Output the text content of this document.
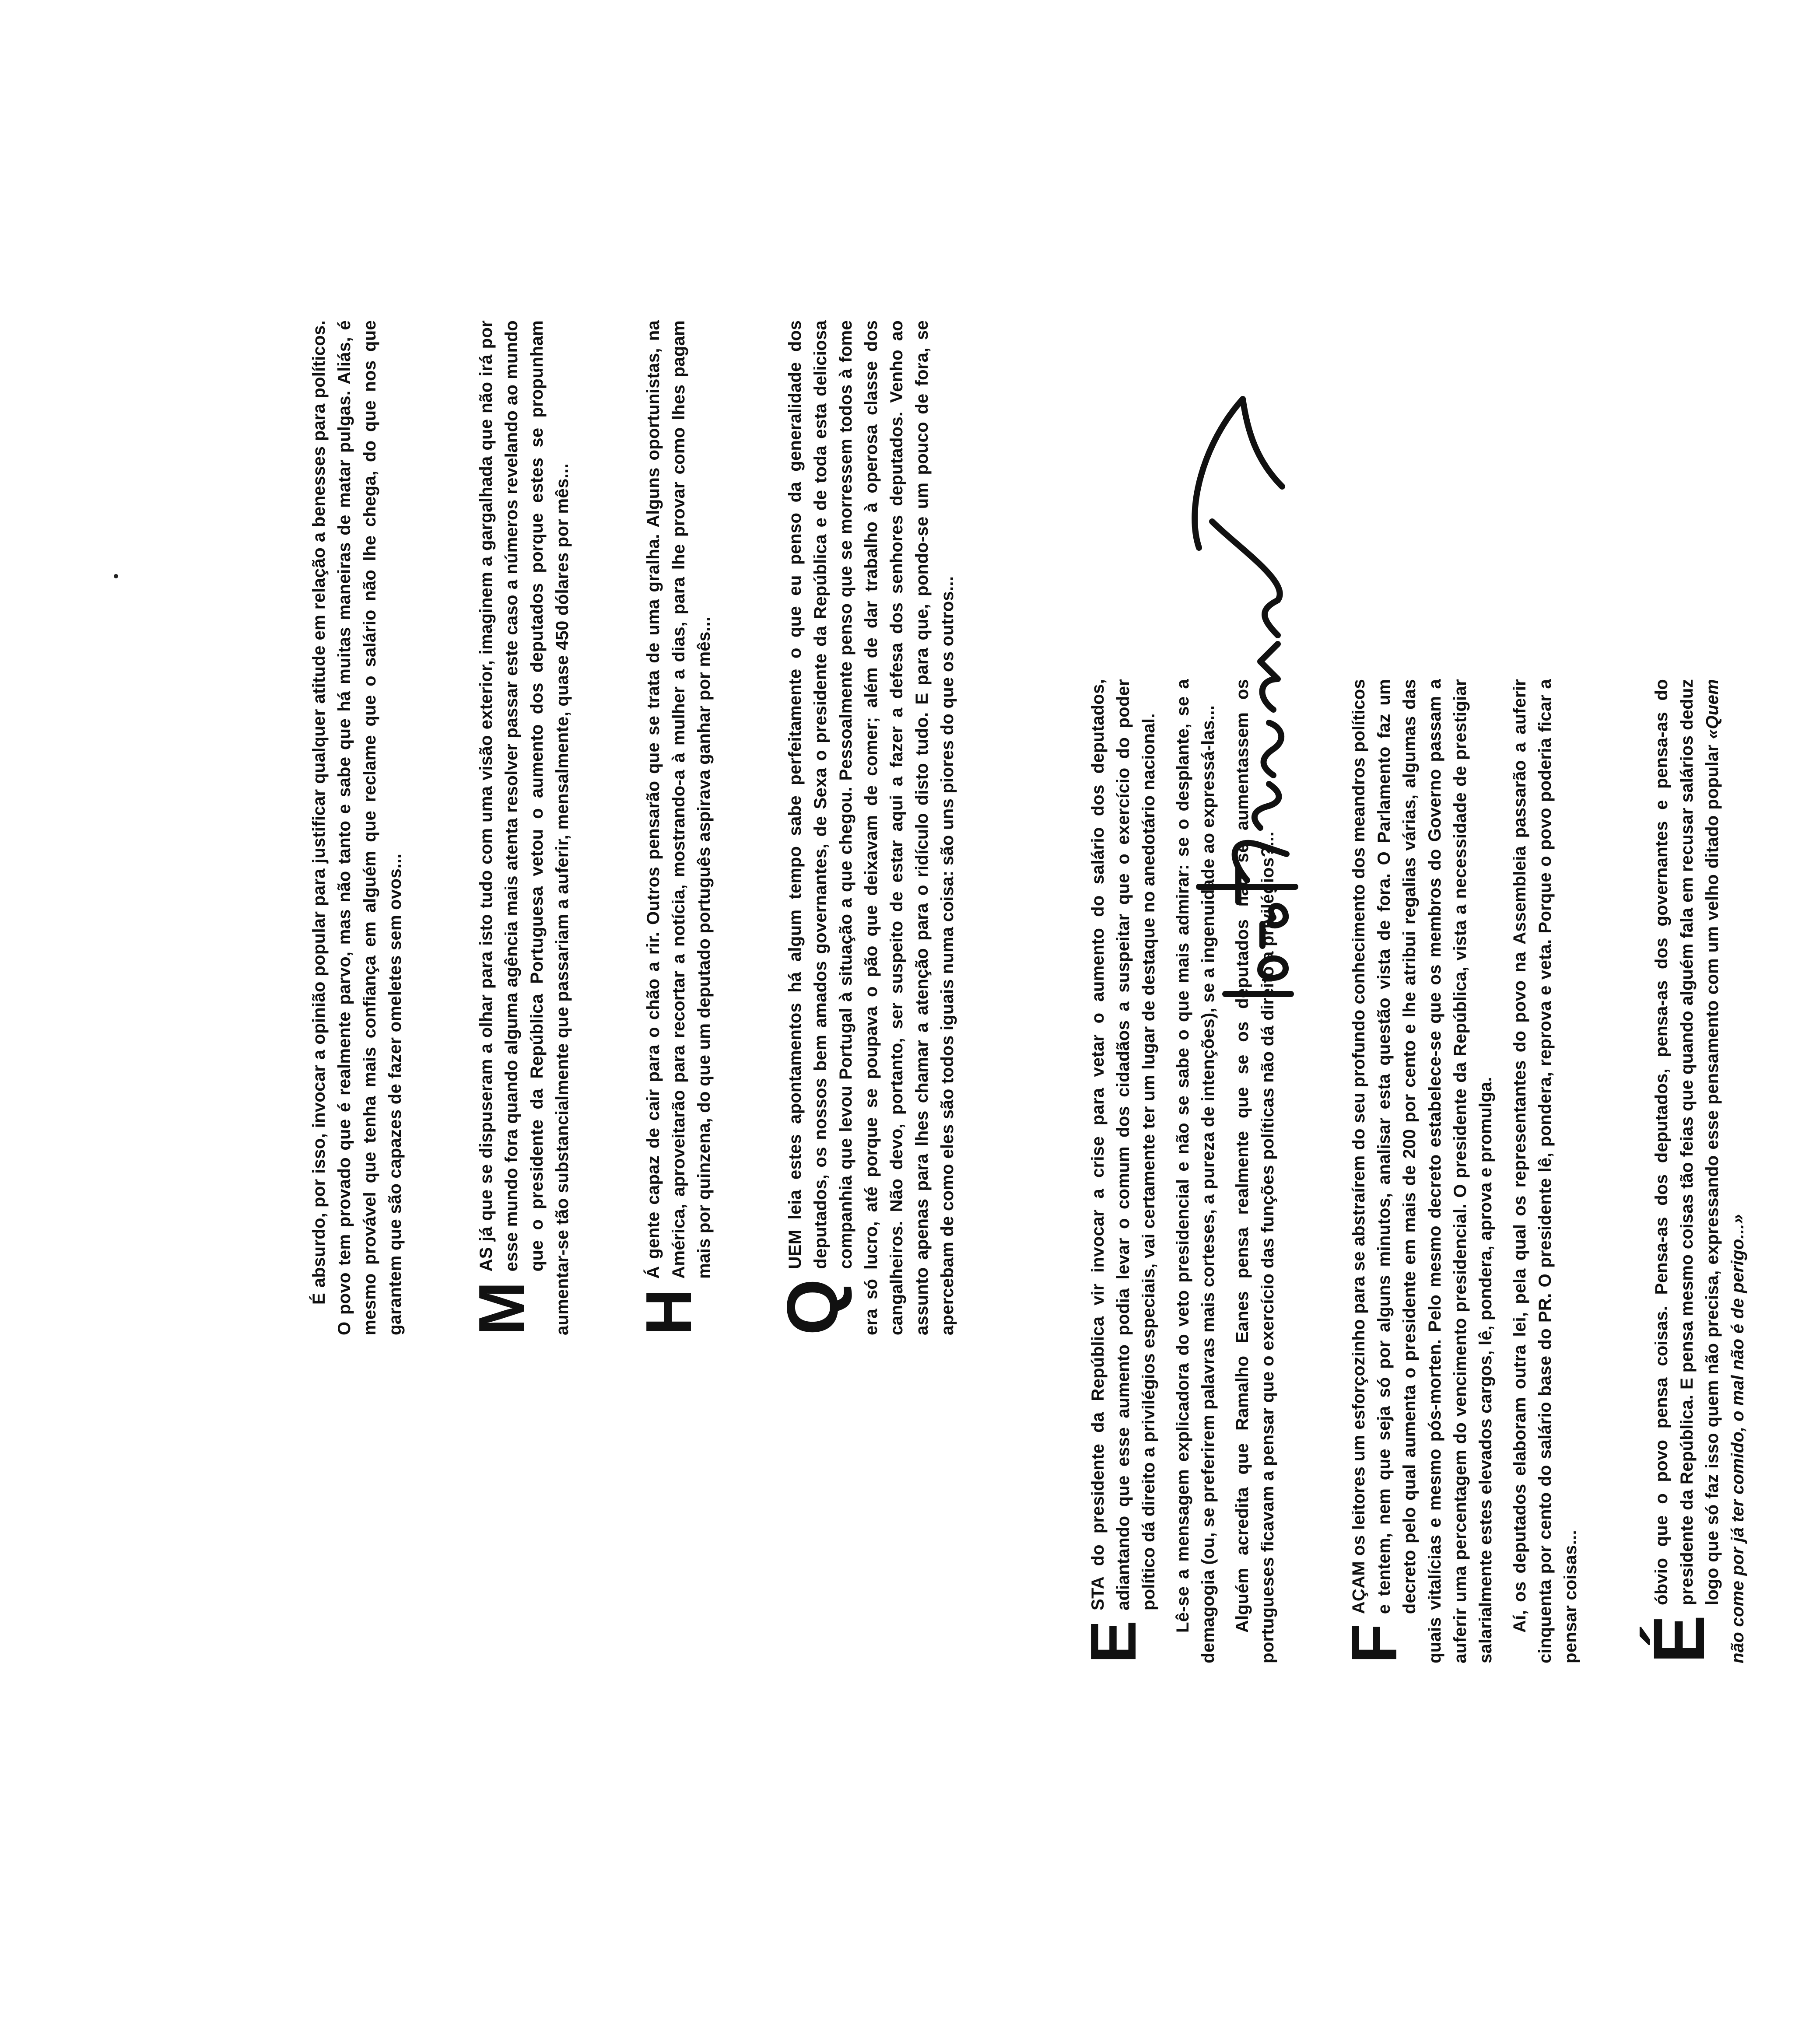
E
STA do presidente da República vir invocar a crise para vetar o aumento do salário dos deputados, adiantando que esse aumento podia levar o comum dos cidadãos a suspeitar que o exercício do poder político dá direito a privilégios especiais, vai certamente ter um lugar de destaque no anedotário nacional. Lê-se a mensagem explicadora do veto presidencial e não se sabe o que mais admirar: se o desplante, se a demagogia (ou, se preferirem palavras mais corteses, a pureza de intenções), se a ingenuidade ao expressá-las... Alguém acredita que Ramalho Eanes pensa realmente que se os deputados não se aumentassem os portugueses ficavam a pensar que o exercício das funções políticas não dá direito a privilégios?... F
AÇAM os leitores um esforçozinho para se abstraírem do seu profundo conhecimento dos meandros políticos e tentem, nem que seja só por alguns minutos, analisar esta questão vista de fora. O Parlamento faz um decreto pelo qual aumenta o presidente em mais de 200 por cento e lhe atribui regalias várias, algumas das quais vitalícias e mesmo pós-morten. Pelo mesmo decreto estabelece-se que os membros do Governo passam a auferir uma percentagem do vencimento presidencial. O presidente da República, vista a necessidade de prestigiar salarialmente estes elevados cargos, lê, pondera, aprova e promulga. Aí, os deputados elaboram outra lei, pela qual os representantes do povo na Assembleia passarão a auferir cinquenta por cento do salário base do PR. O presidente lê, pondera, reprova e veta. Porque o povo poderia ficar a pensar coisas... É
óbvio que o povo pensa coisas. Pensa-as dos deputados, pensa-as dos governantes e pensa-as do presidente da República. E pensa mesmo coisas tão feias que quando alguém fala em recusar salários deduz logo que só faz isso quem não precisa, expressando esse pensamento com um velho ditado popular «Quem não come por já ter comido, o mal não é de perigo...»

É absurdo, por isso, invocar a opinião popular para justificar qualquer atitude em relação a benesses para políticos. O povo tem provado que é realmente parvo, mas não tanto e sabe que há muitas maneiras de matar pulgas. Aliás, é mesmo provável que tenha mais confiança em alguém que reclame que o salário não lhe chega, do que nos que garantem que são capazes de fazer omeletes sem ovos... M
AS já que se dispuseram a olhar para isto tudo com uma visão exterior, imaginem a gargalhada que não irá por esse mundo fora quando alguma agência mais atenta resolver passar este caso a números revelando ao mundo que o presidente da República Portuguesa vetou o aumento dos deputados porque estes se propunham aumentar-se tão substancialmente que passariam a auferir, mensalmente, quase 450 dólares por mês... H
Á gente capaz de cair para o chão a rir. Outros pensarão que se trata de uma gralha. Alguns oportunistas, na América, aproveitarão para recortar a notícia, mostrando-a à mulher a dias, para lhe provar como lhes pagam mais por quinzena, do que um deputado português aspirava ganhar por mês...

Q
UEM leia estes apontamentos há algum tempo sabe perfeitamente o que eu penso da generalidade dos deputados, os nossos bem amados governantes, de Sexa o presidente da República e de toda esta deliciosa companhia que levou Portugal à situação a que chegou. Pessoalmente penso que se morressem todos à fome era só lucro, até porque se poupava o pão que deixavam de comer; além de dar trabalho à operosa classe dos cangalheiros. Não devo, portanto, ser suspeito de estar aqui a fazer a defesa dos senhores deputados. Venho ao assunto apenas para lhes chamar a atenção para o ridículo disto tudo. E para que, pondo-se um pouco de fora, se apercebam de como eles são todos iguais numa coisa: são uns piores do que os outros...
